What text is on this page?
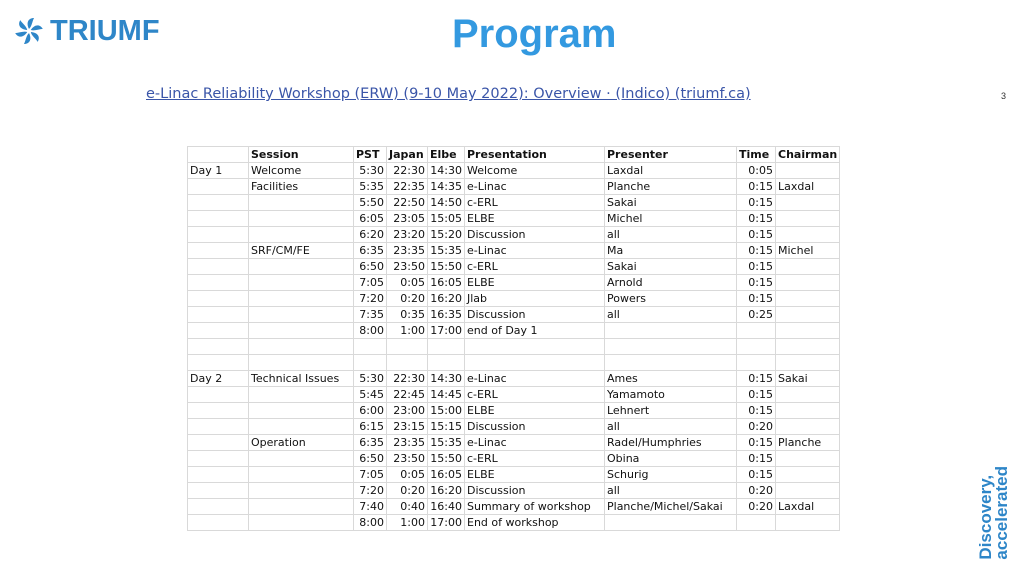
TRIUMF	Program
e-Linac Reliability Workshop (ERW) (9-10 May 2022): Overview · (Indico) (triumf.ca)	3
Discovery,
accelerated
	Session	PST	Japan	Elbe	Presentation	Presenter	Time	Chairman
Day 1	Welcome	5:30	22:30	14:30	Welcome	Laxdal	0:05	
	Facilities	5:35	22:35	14:35	e-Linac	Planche	0:15	Laxdal
		5:50	22:50	14:50	c-ERL	Sakai	0:15	
		6:05	23:05	15:05	ELBE	Michel	0:15	
		6:20	23:20	15:20	Discussion	all	0:15	
	SRF/CM/FE	6:35	23:35	15:35	e-Linac	Ma	0:15	Michel
		6:50	23:50	15:50	c-ERL	Sakai	0:15	
		7:05	0:05	16:05	ELBE	Arnold	0:15	
		7:20	0:20	16:20	Jlab	Powers	0:15	
		7:35	0:35	16:35	Discussion	all	0:25	
		8:00	1:00	17:00	end of Day 1			

Day 2	Technical Issues	5:30	22:30	14:30	e-Linac	Ames	0:15	Sakai
		5:45	22:45	14:45	c-ERL	Yamamoto	0:15	
		6:00	23:00	15:00	ELBE	Lehnert	0:15	
		6:15	23:15	15:15	Discussion	all	0:20	
	Operation	6:35	23:35	15:35	e-Linac	Radel/Humphries	0:15	Planche
		6:50	23:50	15:50	c-ERL	Obina	0:15	
		7:05	0:05	16:05	ELBE	Schurig	0:15	
		7:20	0:20	16:20	Discussion	all	0:20	
		7:40	0:40	16:40	Summary of workshop	Planche/Michel/Sakai	0:20	Laxdal
		8:00	1:00	17:00	End of workshop			
